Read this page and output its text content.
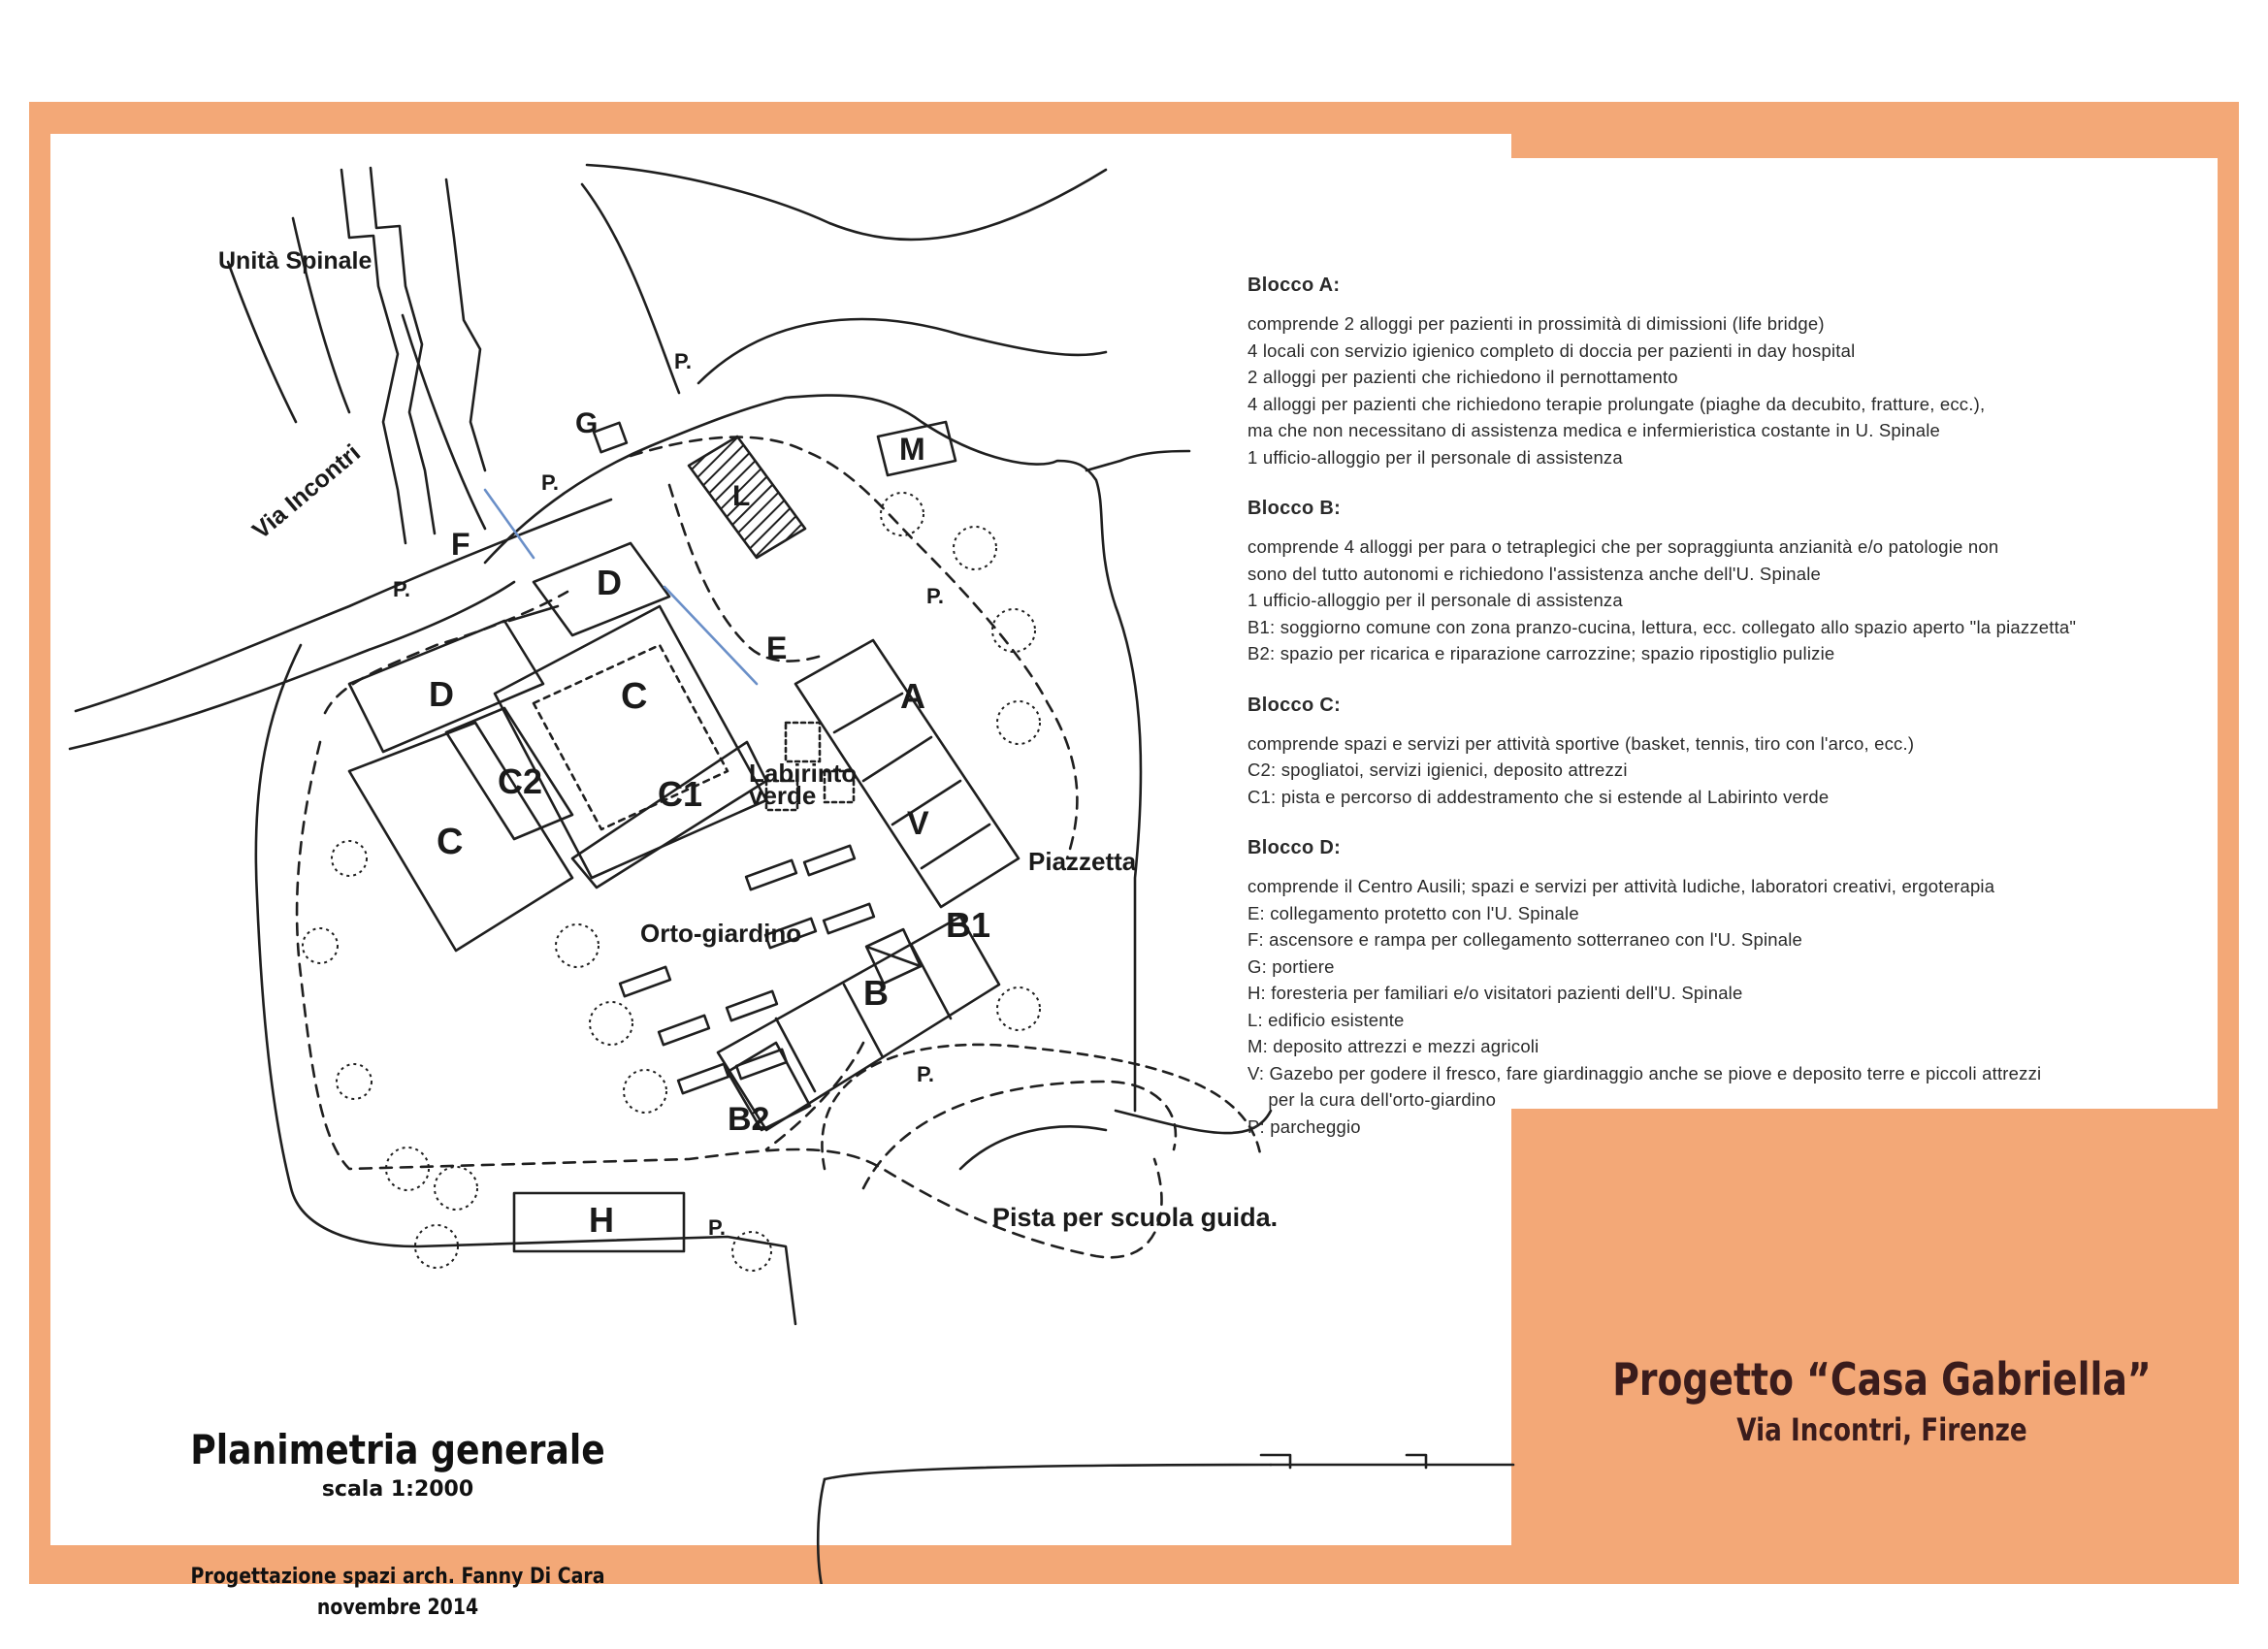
Unità Spinale
Via Incontri
Labirinto
verde
Orto-giardino
Piazzetta
Pista per scuola guida.
A
B
B1
B2
C
C
C1
C2
D
D
E
F
G
H
L
M
V
P.
P.
P.
P.
P.
P.
Planimetria generale
scala 1:2000
Progettazione spazi arch. Fanny Di Cara
novembre 2014
Blocco A:
comprende 2 alloggi per pazienti in prossimità di dimissioni (life bridge)
4 locali con servizio igienico completo di doccia per pazienti in day hospital
2 alloggi per pazienti che richiedono il pernottamento
4 alloggi per pazienti che richiedono terapie prolungate (piaghe da decubito, fratture, ecc.),
ma che non necessitano di assistenza medica e infermieristica costante in U. Spinale
1 ufficio-alloggio per il personale di assistenza
Blocco B:
comprende 4 alloggi per para o tetraplegici che per sopraggiunta anzianità e/o patologie non
sono del tutto autonomi e richiedono l'assistenza anche dell'U. Spinale
1 ufficio-alloggio per il personale di assistenza
B1: soggiorno comune con zona pranzo-cucina, lettura, ecc. collegato allo spazio aperto "la piazzetta"
B2: spazio per ricarica e riparazione carrozzine; spazio ripostiglio pulizie
Blocco C:
comprende spazi e servizi per attività sportive (basket, tennis, tiro con l'arco, ecc.)
C2: spogliatoi, servizi igienici, deposito attrezzi
C1: pista e percorso di addestramento che si estende al Labirinto verde
Blocco D:
comprende il Centro Ausili; spazi e servizi per attività ludiche, laboratori creativi, ergoterapia
E: collegamento protetto con l'U. Spinale
F: ascensore e rampa per collegamento sotterraneo con l'U. Spinale
G: portiere
H: foresteria per familiari e/o visitatori pazienti dell'U. Spinale
L: edificio esistente
M: deposito attrezzi e mezzi agricoli
V: Gazebo per godere il fresco, fare giardinaggio anche se piove e deposito terre e piccoli attrezzi
per la cura dell'orto-giardino
P: parcheggio
Progetto “Casa Gabriella”
Via Incontri, Firenze
